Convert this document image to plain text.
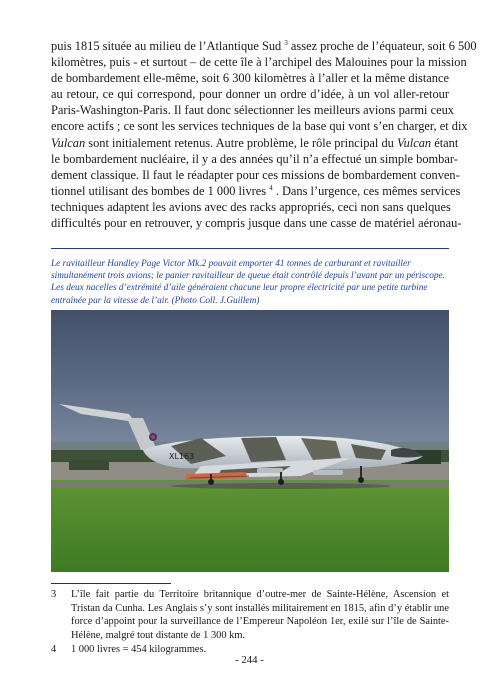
puis 1815 située au milieu de l’Atlantique Sud $^3$ assez proche de l’équateur, soit 6 500
kilomètres, puis - et surtout – de cette île à l’archipel des Malouines pour la mission
de bombardement elle-même, soit 6 300 kilomètres à l’aller et la même distance
au retour, ce qui correspond, pour donner un ordre d’idée, à un vol aller-retour
Paris-Washington-Paris. Il faut donc sélectionner les meilleurs avions parmi ceux
encore actifs ; ce sont les services techniques de la base qui vont s’en charger, et dix
Vulcan sont initialement retenus. Autre problème, le rôle principal du Vulcan étant
le bombardement nucléaire, il y a des années qu’il n’a effectué un simple bombar-
dement classique. Il faut le réadapter pour ces missions de bombardement conven-
tionnel utilisant des bombes de 1 000 livres $^4$ . Dans l’urgence, ces mêmes services
techniques adaptent les avions avec des racks appropriés, ceci non sans quelques
difficultés pour en retrouver, y compris jusque dans une casse de matériel aéronau-
Le ravitailleur Handley Page Victor Mk.2 pouvait emporter 41 tonnes de carburant et ravitailler simultanément trois avions; le panier ravitailleur de queue était contrôlé depuis l’avant par un périscope. Les deux nacelles d’extrémité d’aile généraient chacune leur propre électricité par une petite turbine entraînée par la vitesse de l’air. (Photo Coll. J.Guillem)
XL163
3 L’île fait partie du Territoire britannique d’outre-mer de Sainte-Hélène, Ascension et Tristan da Cunha. Les Anglais s’y sont installés militairement en 1815, afin d’y établir une force d’appoint pour la surveillance de l’Empereur Napoléon 1er, exilé sur l’île de Sainte-Hélène, malgré tout distante de 1 300 km.
4 1 000 livres = 454 kilogrammes.
- 244 -
